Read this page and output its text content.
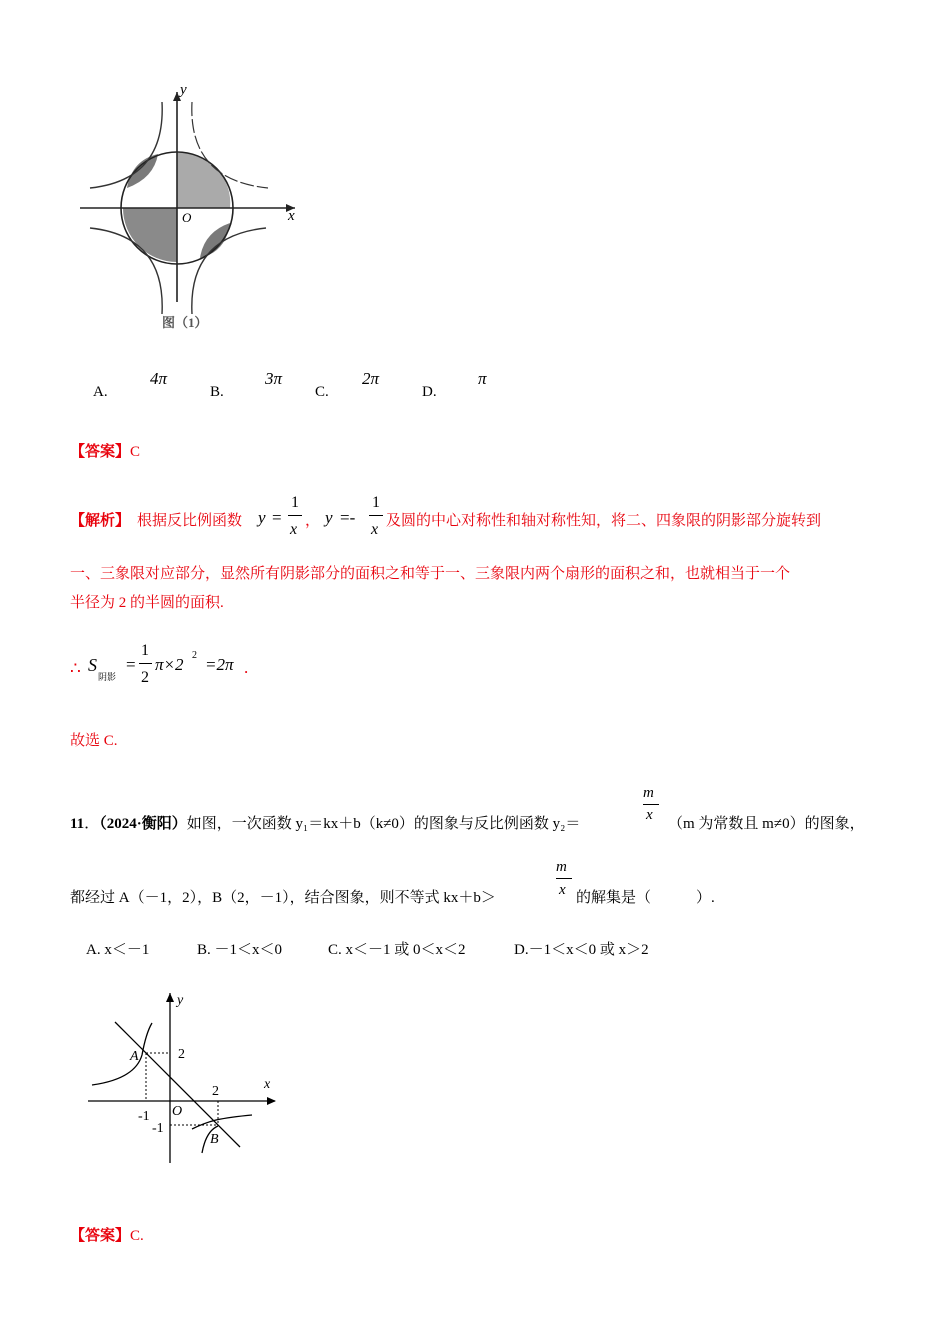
y
x
O
图（1）
A.
4π
B.
3π
C.
2π
D.
π
【答案】C
【解析】 根据反比例函数 y =
1
x ， y =-
1
x 及圆的中心对称性和轴对称性知，将二、四象限的阴影部分旋转到
一、三象限对应部分，显然所有阴影部分的面积之和等于一、三象限内两个扇形的面积之和，也就相当于一个
半径为 2 的半圆的面积.
∴ S
阴影
=
1
2
π×2 2 =2π .
故选 C.
m
x
11．（2024·衡阳）如图，一次函数 y₁＝kx＋b（k≠0）的图象与反比例函数 y₂＝	（m 为常数且 m≠0）的图象，
m
x
都经过 A（－1，2），B（2，－1），结合图象，则不等式 kx＋b＞	的解集是（　　　）.
A. x＜－1	B. －1＜x＜0	C. x＜－1 或 0＜x＜2	D.－1＜x＜0 或 x＞2
y
x
O
A
B
2
2
-1
-1
【答案】C.
